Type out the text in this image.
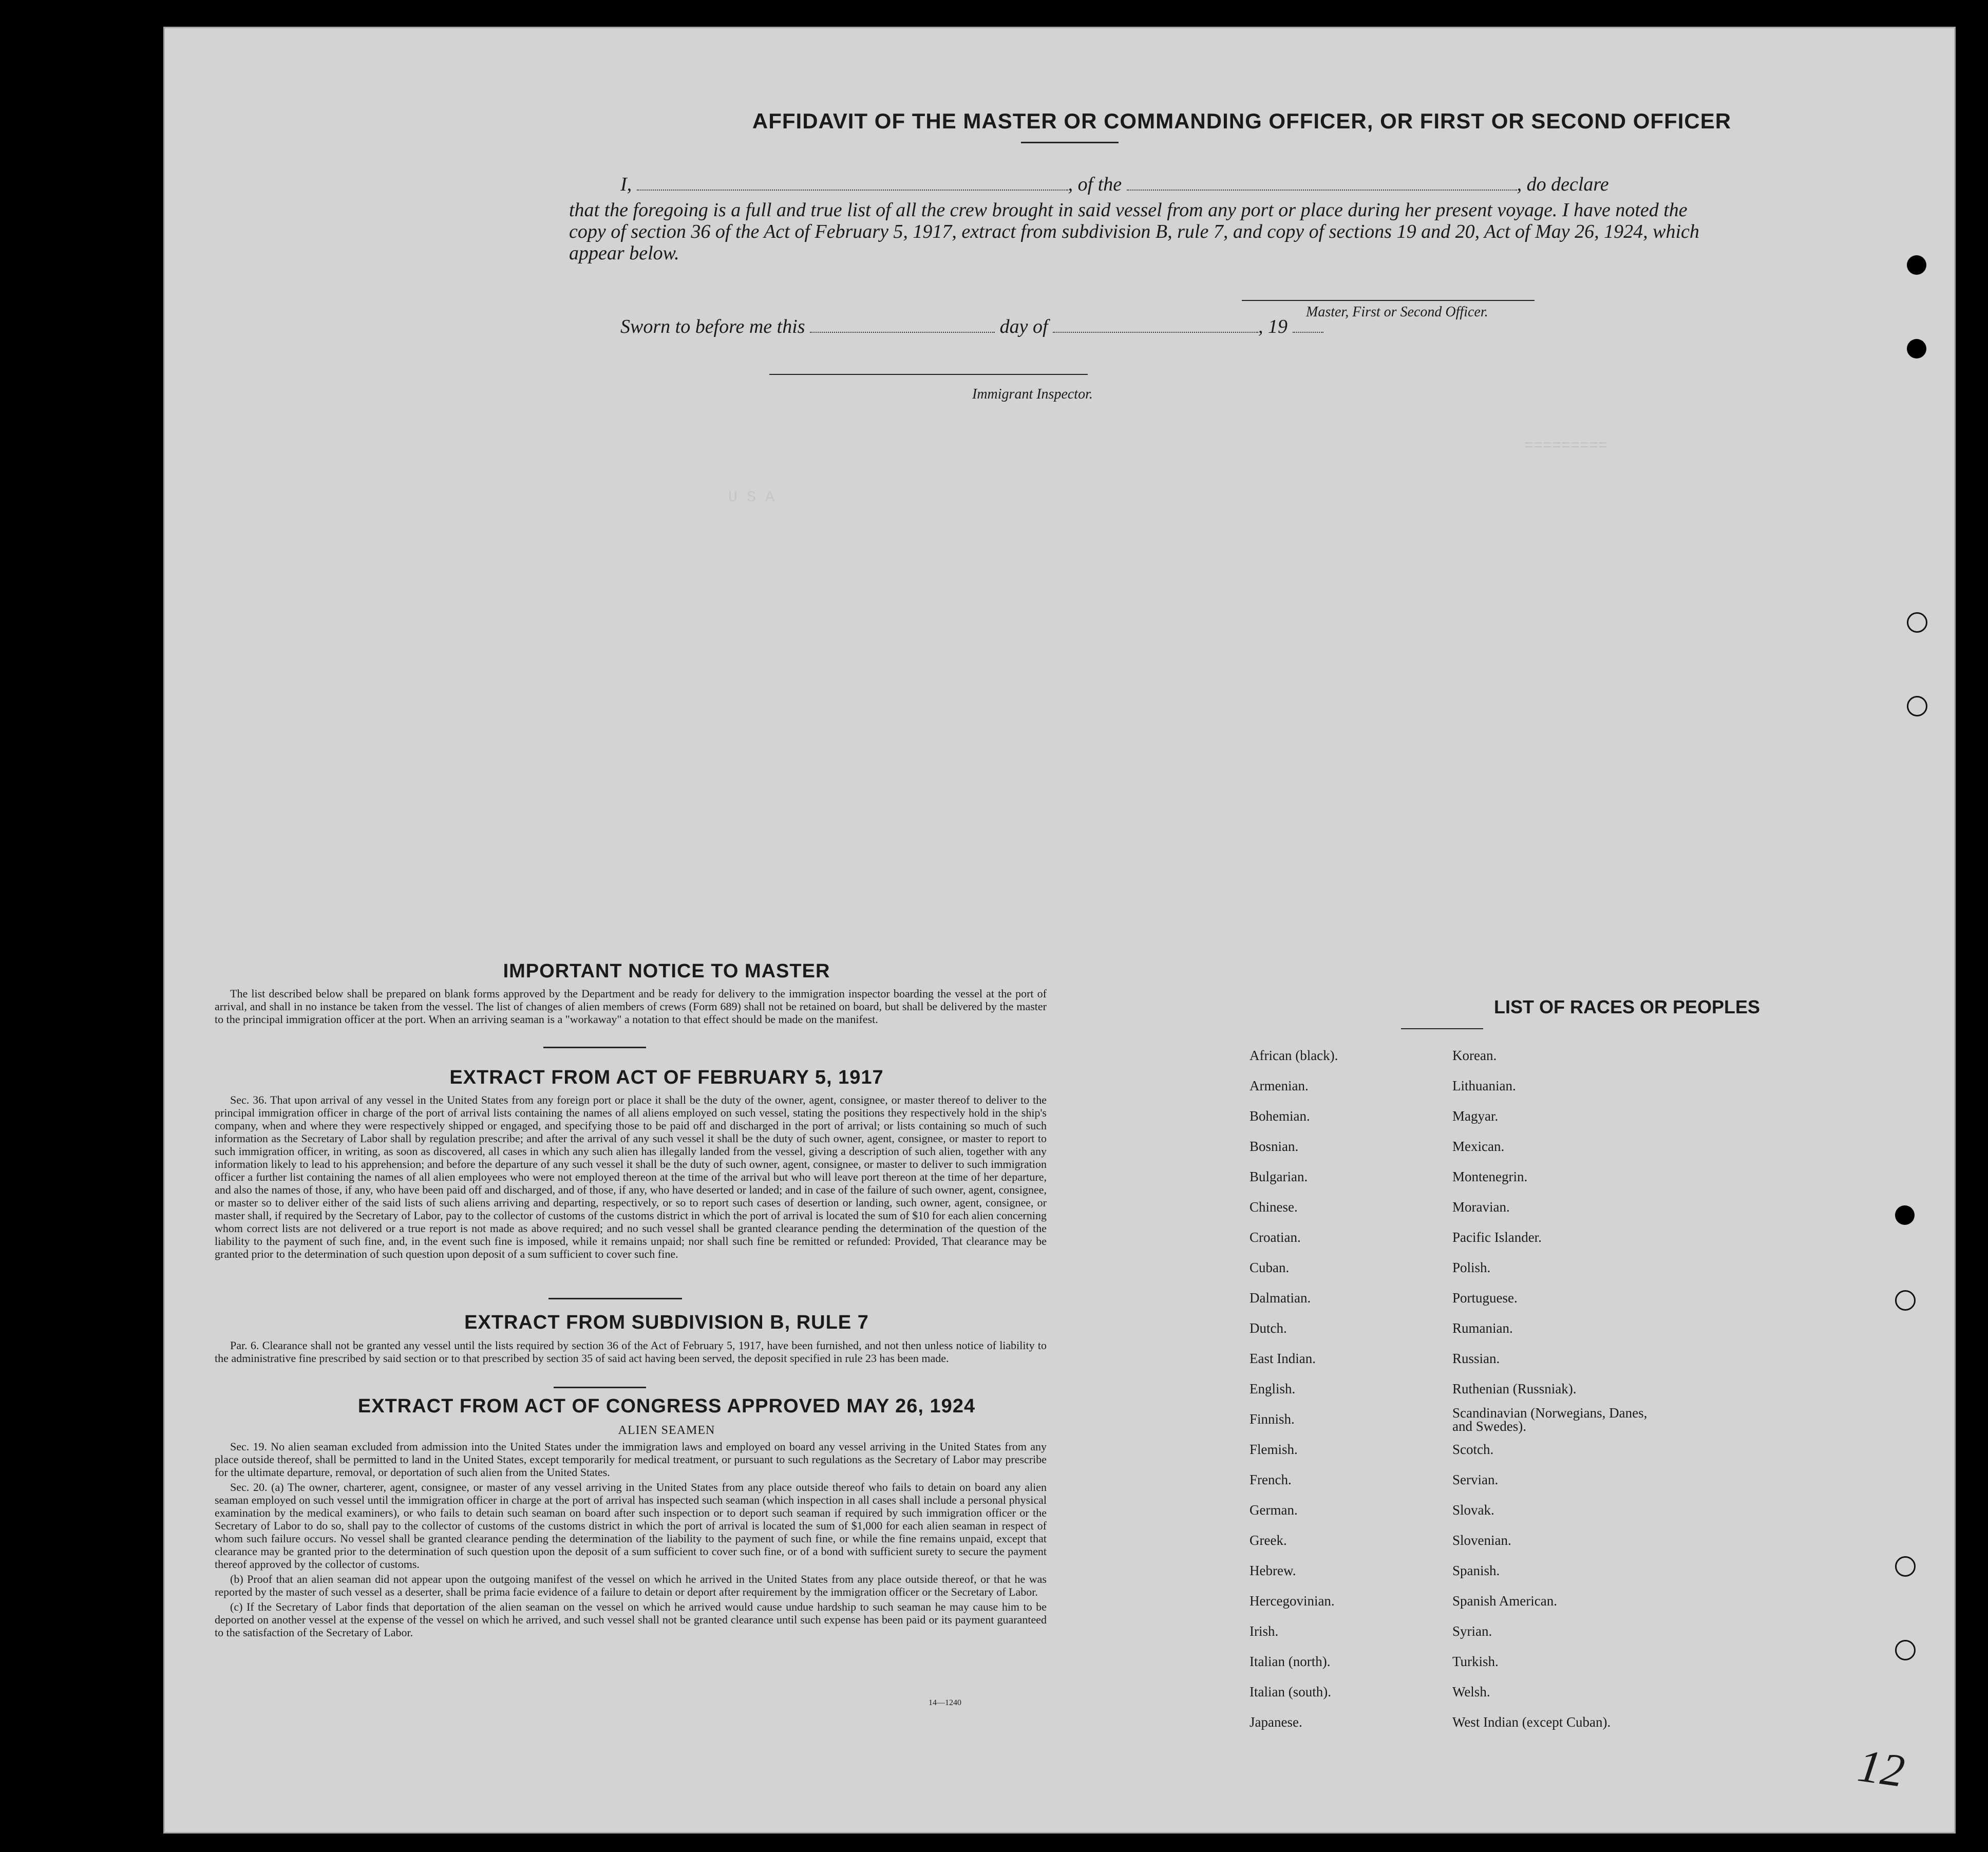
=========
U S A
AFFIDAVIT OF THE MASTER OR COMMANDING OFFICER, OR FIRST OR SECOND OFFICER
I,	, of the	, do declare
that the foregoing is a full and true list of all the crew brought in said vessel from any port or place during her present voyage. I have noted the copy of section 36 of the Act of February 5, 1917, extract from subdivision B, rule 7, and copy of sections 19 and 20, Act of May 26, 1924, which appear below.
Master, First or Second Officer.
Sworn to before me this	day of	, 19
Immigrant Inspector.
IMPORTANT NOTICE TO MASTER

The list described below shall be prepared on blank forms approved by the Department and be ready for delivery to the immigration inspector boarding the vessel at the port of arrival, and shall in no instance be taken from the vessel. The list of changes of alien members of crews (Form 689) shall not be retained on board, but shall be delivered by the master to the principal immigration officer at the port. When an arriving seaman is a "workaway" a notation to that effect should be made on the manifest.

EXTRACT FROM ACT OF FEBRUARY 5, 1917

Sec. 36. That upon arrival of any vessel in the United States from any foreign port or place it shall be the duty of the owner, agent, consignee, or master thereof to deliver to the principal immigration officer in charge of the port of arrival lists containing the names of all aliens employed on such vessel, stating the positions they respectively hold in the ship's company, when and where they were respectively shipped or engaged, and specifying those to be paid off and discharged in the port of arrival; or lists containing so much of such information as the Secretary of Labor shall by regulation prescribe; and after the arrival of any such vessel it shall be the duty of such owner, agent, consignee, or master to report to such immigration officer, in writing, as soon as discovered, all cases in which any such alien has illegally landed from the vessel, giving a description of such alien, together with any information likely to lead to his apprehension; and before the departure of any such vessel it shall be the duty of such owner, agent, consignee, or master to deliver to such immigration officer a further list containing the names of all alien employees who were not employed thereon at the time of the arrival but who will leave port thereon at the time of her departure, and also the names of those, if any, who have been paid off and discharged, and of those, if any, who have deserted or landed; and in case of the failure of such owner, agent, consignee, or master so to deliver either of the said lists of such aliens arriving and departing, respectively, or so to report such cases of desertion or landing, such owner, agent, consignee, or master shall, if required by the Secretary of Labor, pay to the collector of customs of the customs district in which the port of arrival is located the sum of $10 for each alien concerning whom correct lists are not delivered or a true report is not made as above required; and no such vessel shall be granted clearance pending the determination of the question of the liability to the payment of such fine, and, in the event such fine is imposed, while it remains unpaid; nor shall such fine be remitted or refunded: Provided, That clearance may be granted prior to the determination of such question upon deposit of a sum sufficient to cover such fine.

EXTRACT FROM SUBDIVISION B, RULE 7

Par. 6. Clearance shall not be granted any vessel until the lists required by section 36 of the Act of February 5, 1917, have been furnished, and not then unless notice of liability to the administrative fine prescribed by said section or to that prescribed by section 35 of said act having been served, the deposit specified in rule 23 has been made.

EXTRACT FROM ACT OF CONGRESS APPROVED MAY 26, 1924
ALIEN SEAMEN

Sec. 19. No alien seaman excluded from admission into the United States under the immigration laws and employed on board any vessel arriving in the United States from any place outside thereof, shall be permitted to land in the United States, except temporarily for medical treatment, or pursuant to such regulations as the Secretary of Labor may prescribe for the ultimate departure, removal, or deportation of such alien from the United States.

Sec. 20. (a) The owner, charterer, agent, consignee, or master of any vessel arriving in the United States from any place outside thereof who fails to detain on board any alien seaman employed on such vessel until the immigration officer in charge at the port of arrival has inspected such seaman (which inspection in all cases shall include a personal physical examination by the medical examiners), or who fails to detain such seaman on board after such inspection or to deport such seaman if required by such immigration officer or the Secretary of Labor to do so, shall pay to the collector of customs of the customs district in which the port of arrival is located the sum of $1,000 for each alien seaman in respect of whom such failure occurs. No vessel shall be granted clearance pending the determination of the liability to the payment of such fine, or while the fine remains unpaid, except that clearance may be granted prior to the determination of such question upon the deposit of a sum sufficient to cover such fine, or of a bond with sufficient surety to secure the payment thereof approved by the collector of customs.

(b) Proof that an alien seaman did not appear upon the outgoing manifest of the vessel on which he arrived in the United States from any place outside thereof, or that he was reported by the master of such vessel as a deserter, shall be prima facie evidence of a failure to detain or deport after requirement by the immigration officer or the Secretary of Labor.

(c) If the Secretary of Labor finds that deportation of the alien seaman on the vessel on which he arrived would cause undue hardship to such seaman he may cause him to be deported on another vessel at the expense of the vessel on which he arrived, and such vessel shall not be granted clearance until such expense has been paid or its payment guaranteed to the satisfaction of the Secretary of Labor.

14—1240
LIST OF RACES OR PEOPLES
African (black).
Armenian.
Bohemian.
Bosnian.
Bulgarian.
Chinese.
Croatian.
Cuban.
Dalmatian.
Dutch.
East Indian.
English.
Finnish.
Flemish.
French.
German.
Greek.
Hebrew.
Hercegovinian.
Irish.
Italian (north).
Italian (south).
Japanese.
Korean.
Lithuanian.
Magyar.
Mexican.
Montenegrin.
Moravian.
Pacific Islander.
Polish.
Portuguese.
Rumanian.
Russian.
Ruthenian (Russniak).
Scandinavian (Norwegians, Danes, and Swedes).
Scotch.
Servian.
Slovak.
Slovenian.
Spanish.
Spanish American.
Syrian.
Turkish.
Welsh.
West Indian (except Cuban).
12
